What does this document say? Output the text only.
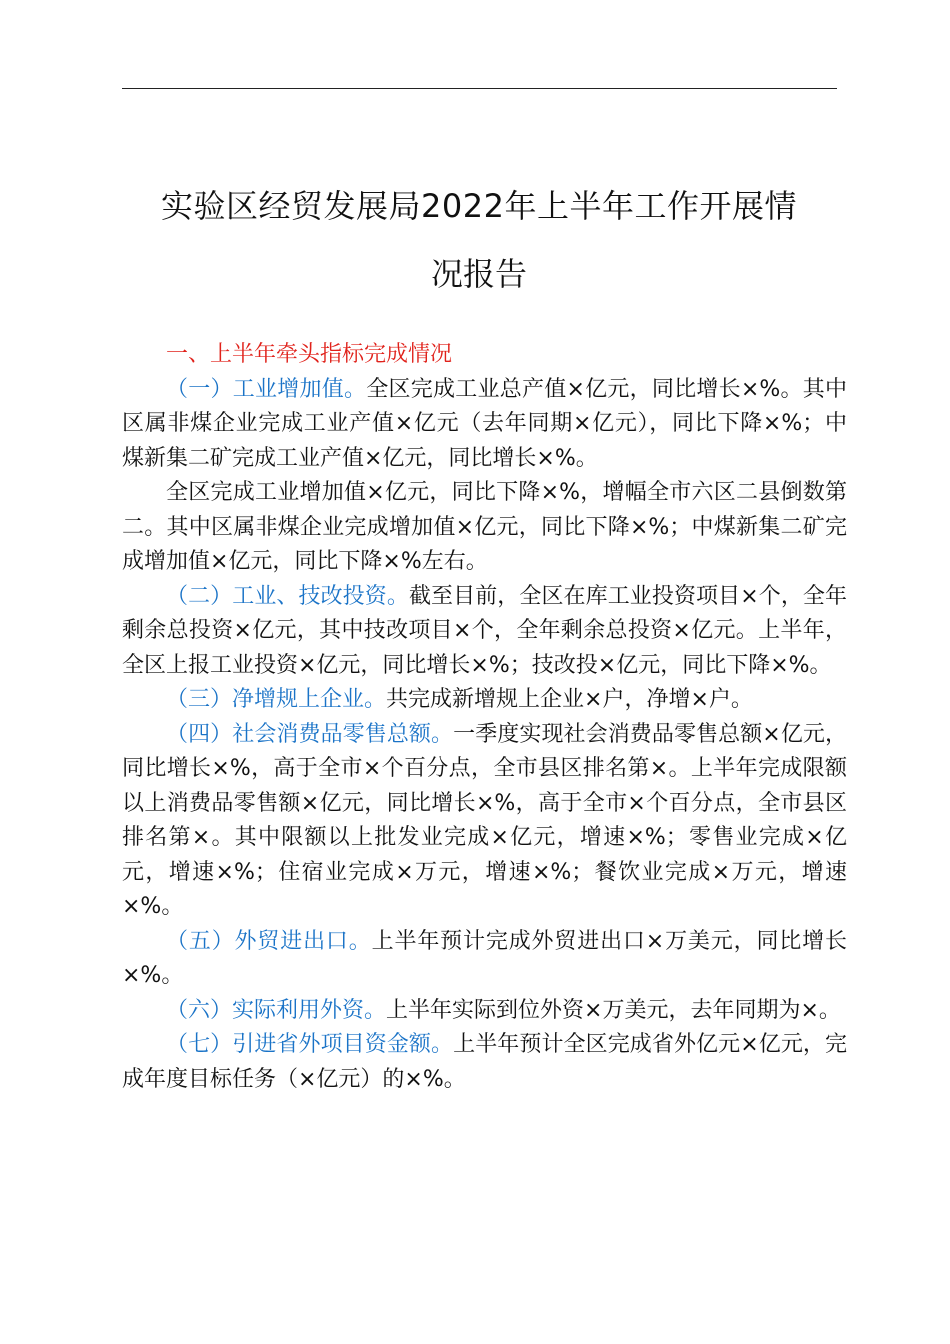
实验区经贸发展局2022年上半年工作开展情
况报告

一、上半年牵头指标完成情况

（一）工业增加值。全区完成工业总产值×亿元，同比增长×%。其中区属非煤企业完成工业产值×亿元（去年同期×亿元），同比下降×%；中煤新集二矿完成工业产值×亿元，同比增长×%。

全区完成工业增加值×亿元，同比下降×%，增幅全市六区二县倒数第二。其中区属非煤企业完成增加值×亿元，同比下降×%；中煤新集二矿完成增加值×亿元，同比下降×%左右。

（二）工业、技改投资。截至目前，全区在库工业投资项目×个，全年剩余总投资×亿元，其中技改项目×个，全年剩余总投资×亿元。上半年，全区上报工业投资×亿元，同比增长×%；技改投×亿元，同比下降×%。

（三）净增规上企业。共完成新增规上企业×户，净增×户。

（四）社会消费品零售总额。一季度实现社会消费品零售总额×亿元，同比增长×%，高于全市×个百分点，全市县区排名第×。上半年完成限额以上消费品零售额×亿元，同比增长×%，高于全市×个百分点，全市县区排名第×。其中限额以上批发业完成×亿元，增速×%；零售业完成×亿元，增速×%；住宿业完成×万元，增速×%；餐饮业完成×万元，增速×%。

（五）外贸进出口。上半年预计完成外贸进出口×万美元，同比增长×%。

（六）实际利用外资。上半年实际到位外资×万美元，去年同期为×。

（七）引进省外项目资金额。上半年预计全区完成省外亿元×亿元，完成年度目标任务（×亿元）的×%。
